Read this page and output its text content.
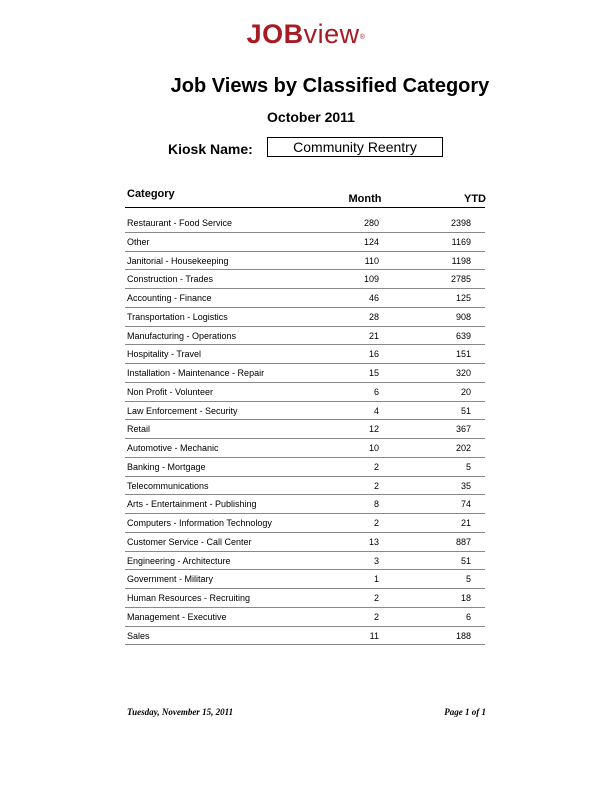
JOBview®
Job Views by Classified Category
October 2011
Kiosk Name:	Community Reentry
Category	Month	YTD
Restaurant - Food Service	280	2398
Other	124	1169
Janitorial - Housekeeping	110	1198
Construction - Trades	109	2785
Accounting - Finance	46	125
Transportation - Logistics	28	908
Manufacturing - Operations	21	639
Hospitality - Travel	16	151
Installation - Maintenance - Repair	15	320
Non Profit - Volunteer	6	20
Law Enforcement - Security	4	51
Retail	12	367
Automotive - Mechanic	10	202
Banking - Mortgage	2	5
Telecommunications	2	35
Arts - Entertainment - Publishing	8	74
Computers - Information Technology	2	21
Customer Service - Call Center	13	887
Engineering - Architecture	3	51
Government - Military	1	5
Human Resources - Recruiting	2	18
Management - Executive	2	6
Sales	11	188
Tuesday, November 15, 2011	Page 1 of 1
